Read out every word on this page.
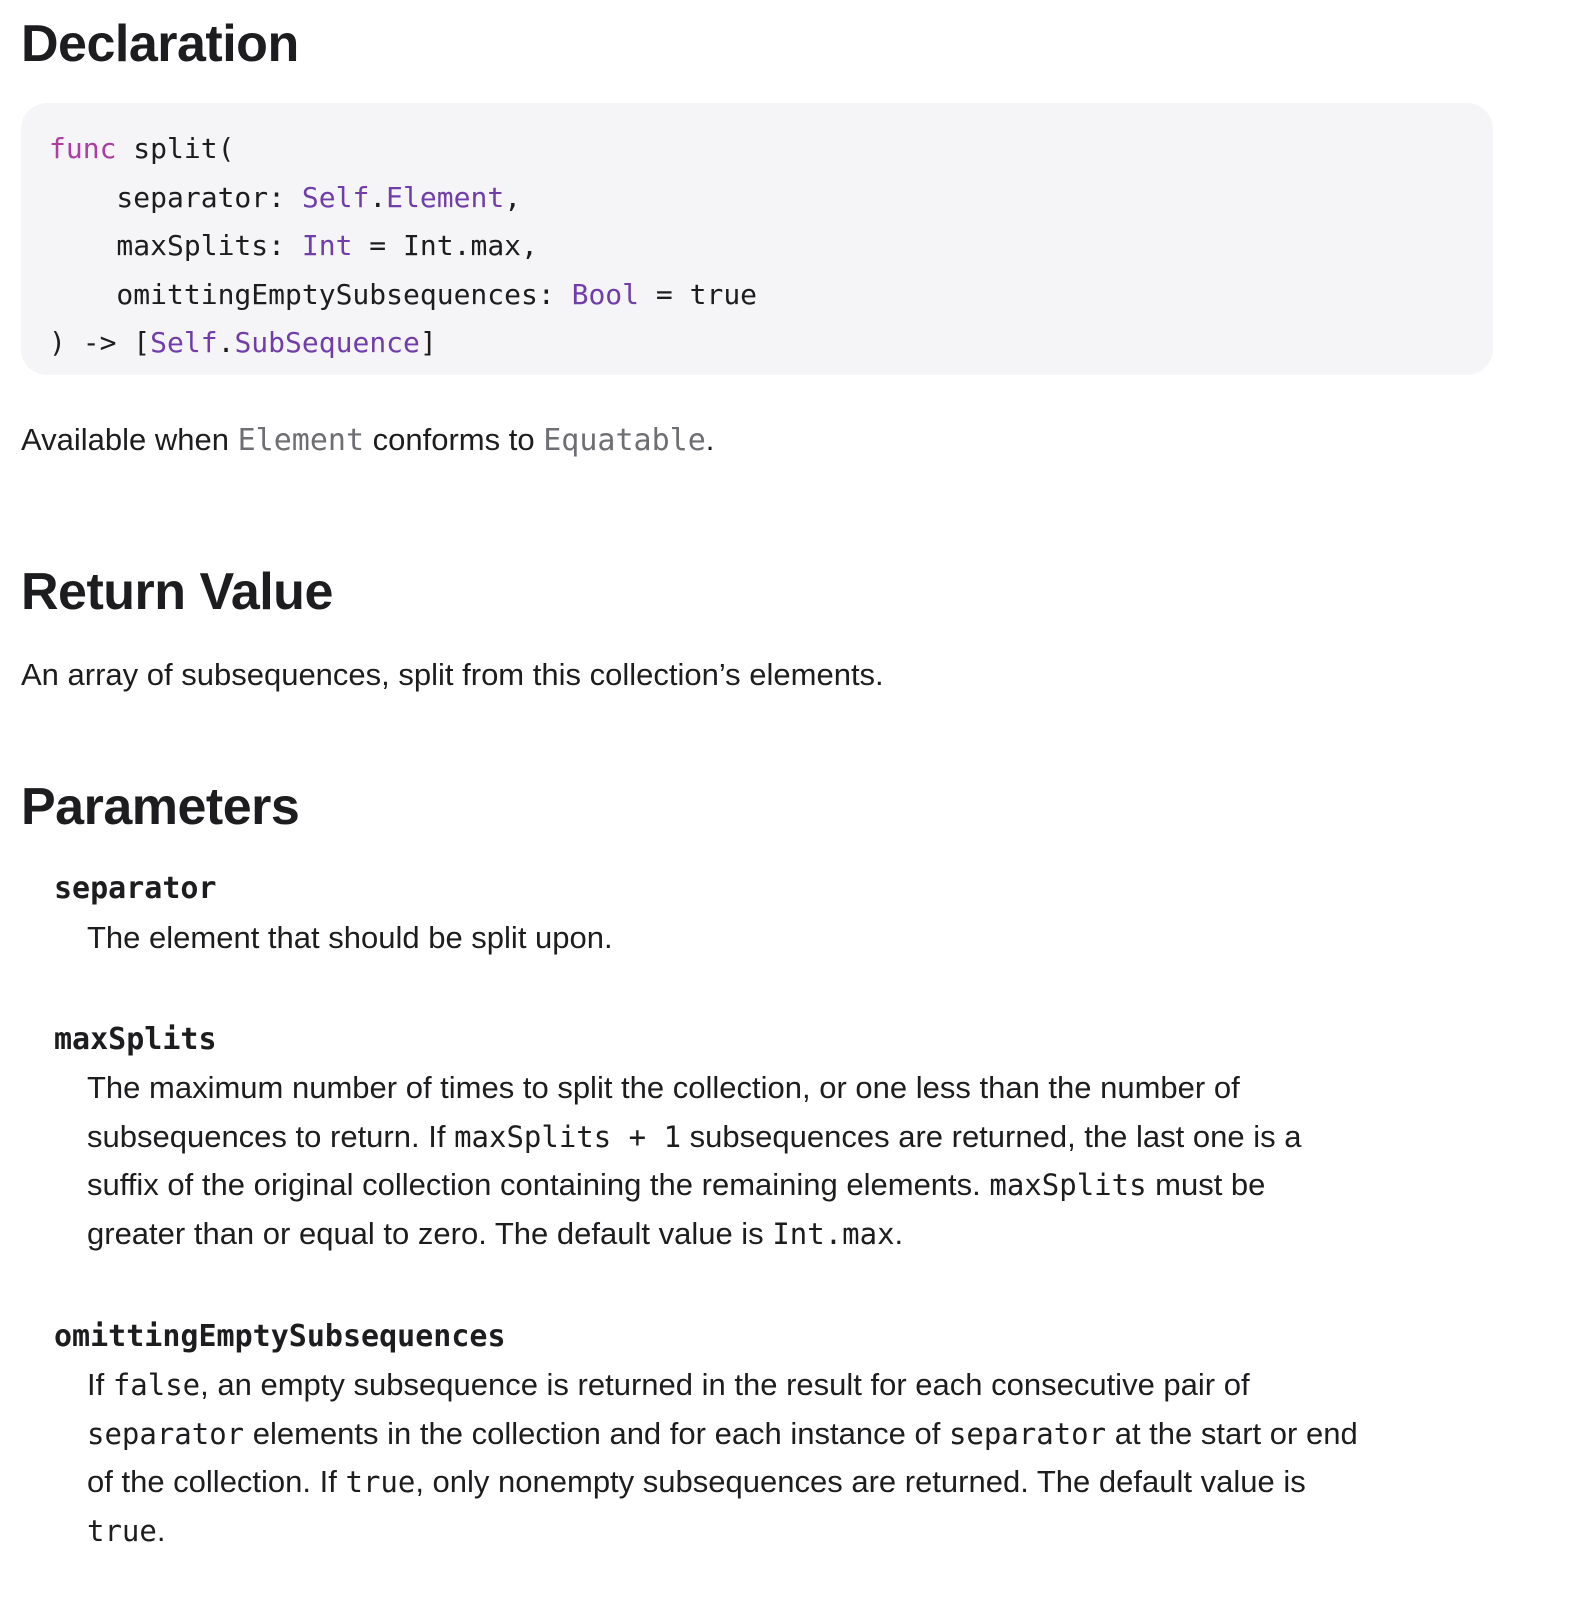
Declaration
func split(
separator: Self.Element,
maxSplits: Int = Int.max,
omittingEmptySubsequences: Bool = true
) -> [Self.SubSequence]
Available when Element conforms to Equatable.
Return Value
An array of subsequences, split from this collection’s elements.
Parameters
separator
The element that should be split upon.
maxSplits
The maximum number of times to split the collection, or one less than the number of
subsequences to return. If maxSplits + 1 subsequences are returned, the last one is a
suffix of the original collection containing the remaining elements. maxSplits must be
greater than or equal to zero. The default value is Int.max.
omittingEmptySubsequences
If false, an empty subsequence is returned in the result for each consecutive pair of
separator elements in the collection and for each instance of separator at the start or end
of the collection. If true, only nonempty subsequences are returned. The default value is
true.
